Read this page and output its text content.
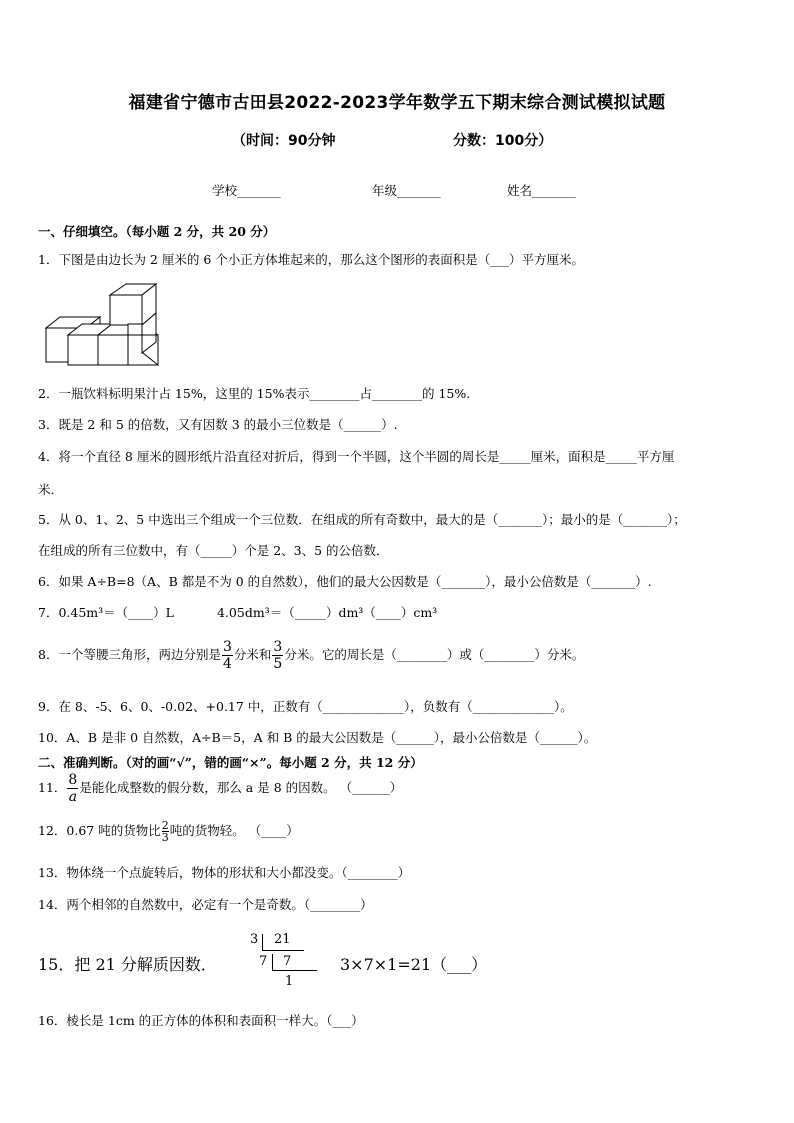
福建省宁德市古田县2022-2023学年数学五下期末综合测试模拟试题
（时间：90分钟	分数：100分）
学校_______	年级_______	姓名_______
一、仔细填空。（每小题 2 分，共 20 分）
1．下图是由边长为 2 厘米的 6 个小正方体堆起来的，那么这个图形的表面积是（___）平方厘米。
2．一瓶饮料标明果汁占 15%，这里的 15%表示________占________的 15%.
3．既是 2 和 5 的倍数，又有因数 3 的最小三位数是（______）.
4．将一个直径 8 厘米的圆形纸片沿直径对折后，得到一个半圆，这个半圆的周长是_____厘米，面积是_____平方厘
米．
5．从 0、1、2、5 中选出三个组成一个三位数．在组成的所有奇数中，最大的是（_______）；最小的是（_______）；
在组成的所有三位数中，有（_____）个是 2、3、5 的公倍数．
6．如果 A÷B=8（A、B 都是不为 0 的自然数），他们的最大公因数是（_______），最小公倍数是（_______）.
7．0.45m³＝（____）L	4.05dm³＝（_____）dm³（____）cm³
8．一个等腰三角形，两边分别是 $\frac{3}{4}$ 分米和 $\frac{3}{5}$ 分米。它的周长是（________）或（________）分米。
9．在 8、-5、6、0、-0.02、+0.17 中，正数有（_____________），负数有（_____________）。
10．A、B 是非 0 自然数，A÷B＝5，A 和 B 的最大公因数是（______），最小公倍数是（______）。
二、准确判断。（对的画“√”，错的画“×”。每小题 2 分，共 12 分）
11． $\frac{8}{a}$ 是能化成整数的假分数，那么 a 是 8 的因数。 （______）
12．0.67 吨的货物比 $\frac{2}{3}$ 吨的货物轻。 （____）
13．物体绕一个点旋转后，物体的形状和大小都没变。（________）
14．两个相邻的自然数中，必定有一个是奇数。（________）
15．把 21 分解质因数．
3 21
7 7
1
3×7×1=21（___）
16．棱长是 1cm 的正方体的体积和表面积一样大。（___）
